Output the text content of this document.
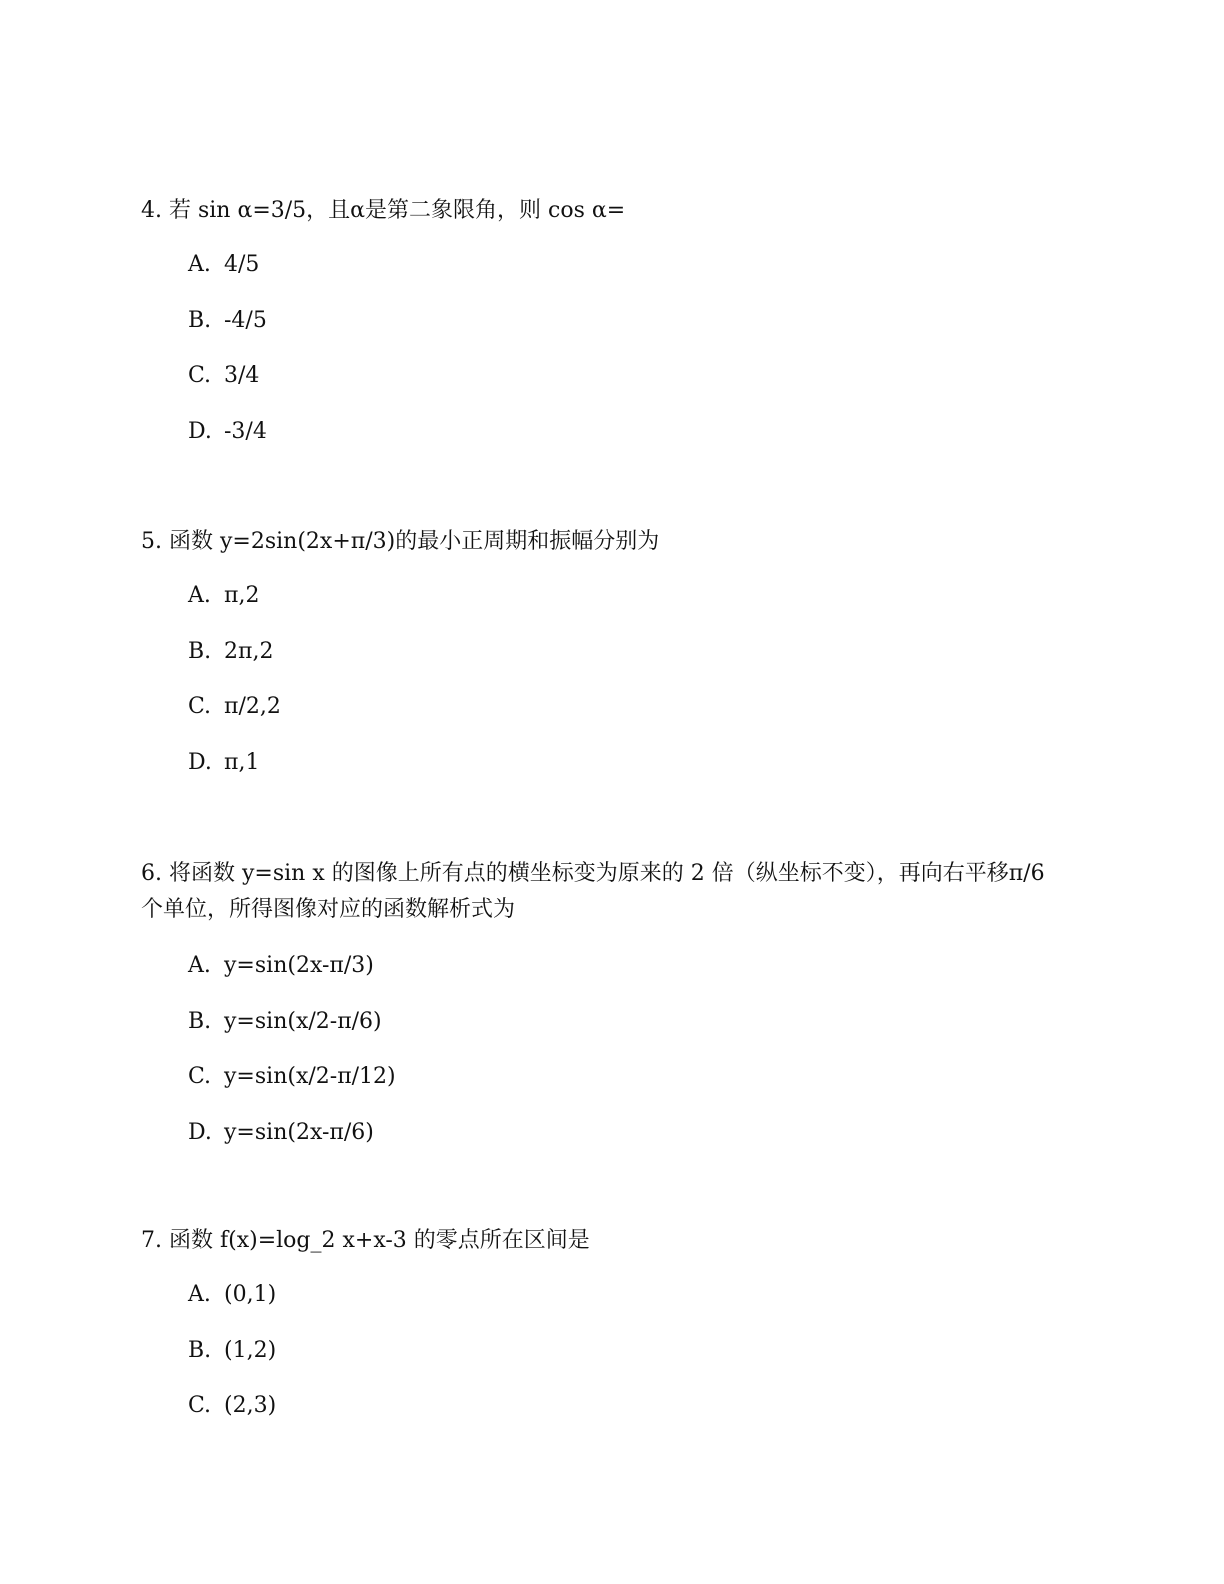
4. 若 sin α=3/5，且α是第二象限角，则 cos α=

A. 4/5
B. -4/5
C. 3/4
D. -3/4

5. 函数 y=2sin(2x+π/3)的最小正周期和振幅分别为

A. π,2
B. 2π,2
C. π/2,2
D. π,1

6. 将函数 y=sin x 的图像上所有点的横坐标变为原来的 2 倍（纵坐标不变），再向右平移π/6 个单位，所得图像对应的函数解析式为

A. y=sin(2x-π/3)
B. y=sin(x/2-π/6)
C. y=sin(x/2-π/12)
D. y=sin(2x-π/6)

7. 函数 f(x)=log_2 x+x-3 的零点所在区间是

A. (0,1)
B. (1,2)
C. (2,3)
